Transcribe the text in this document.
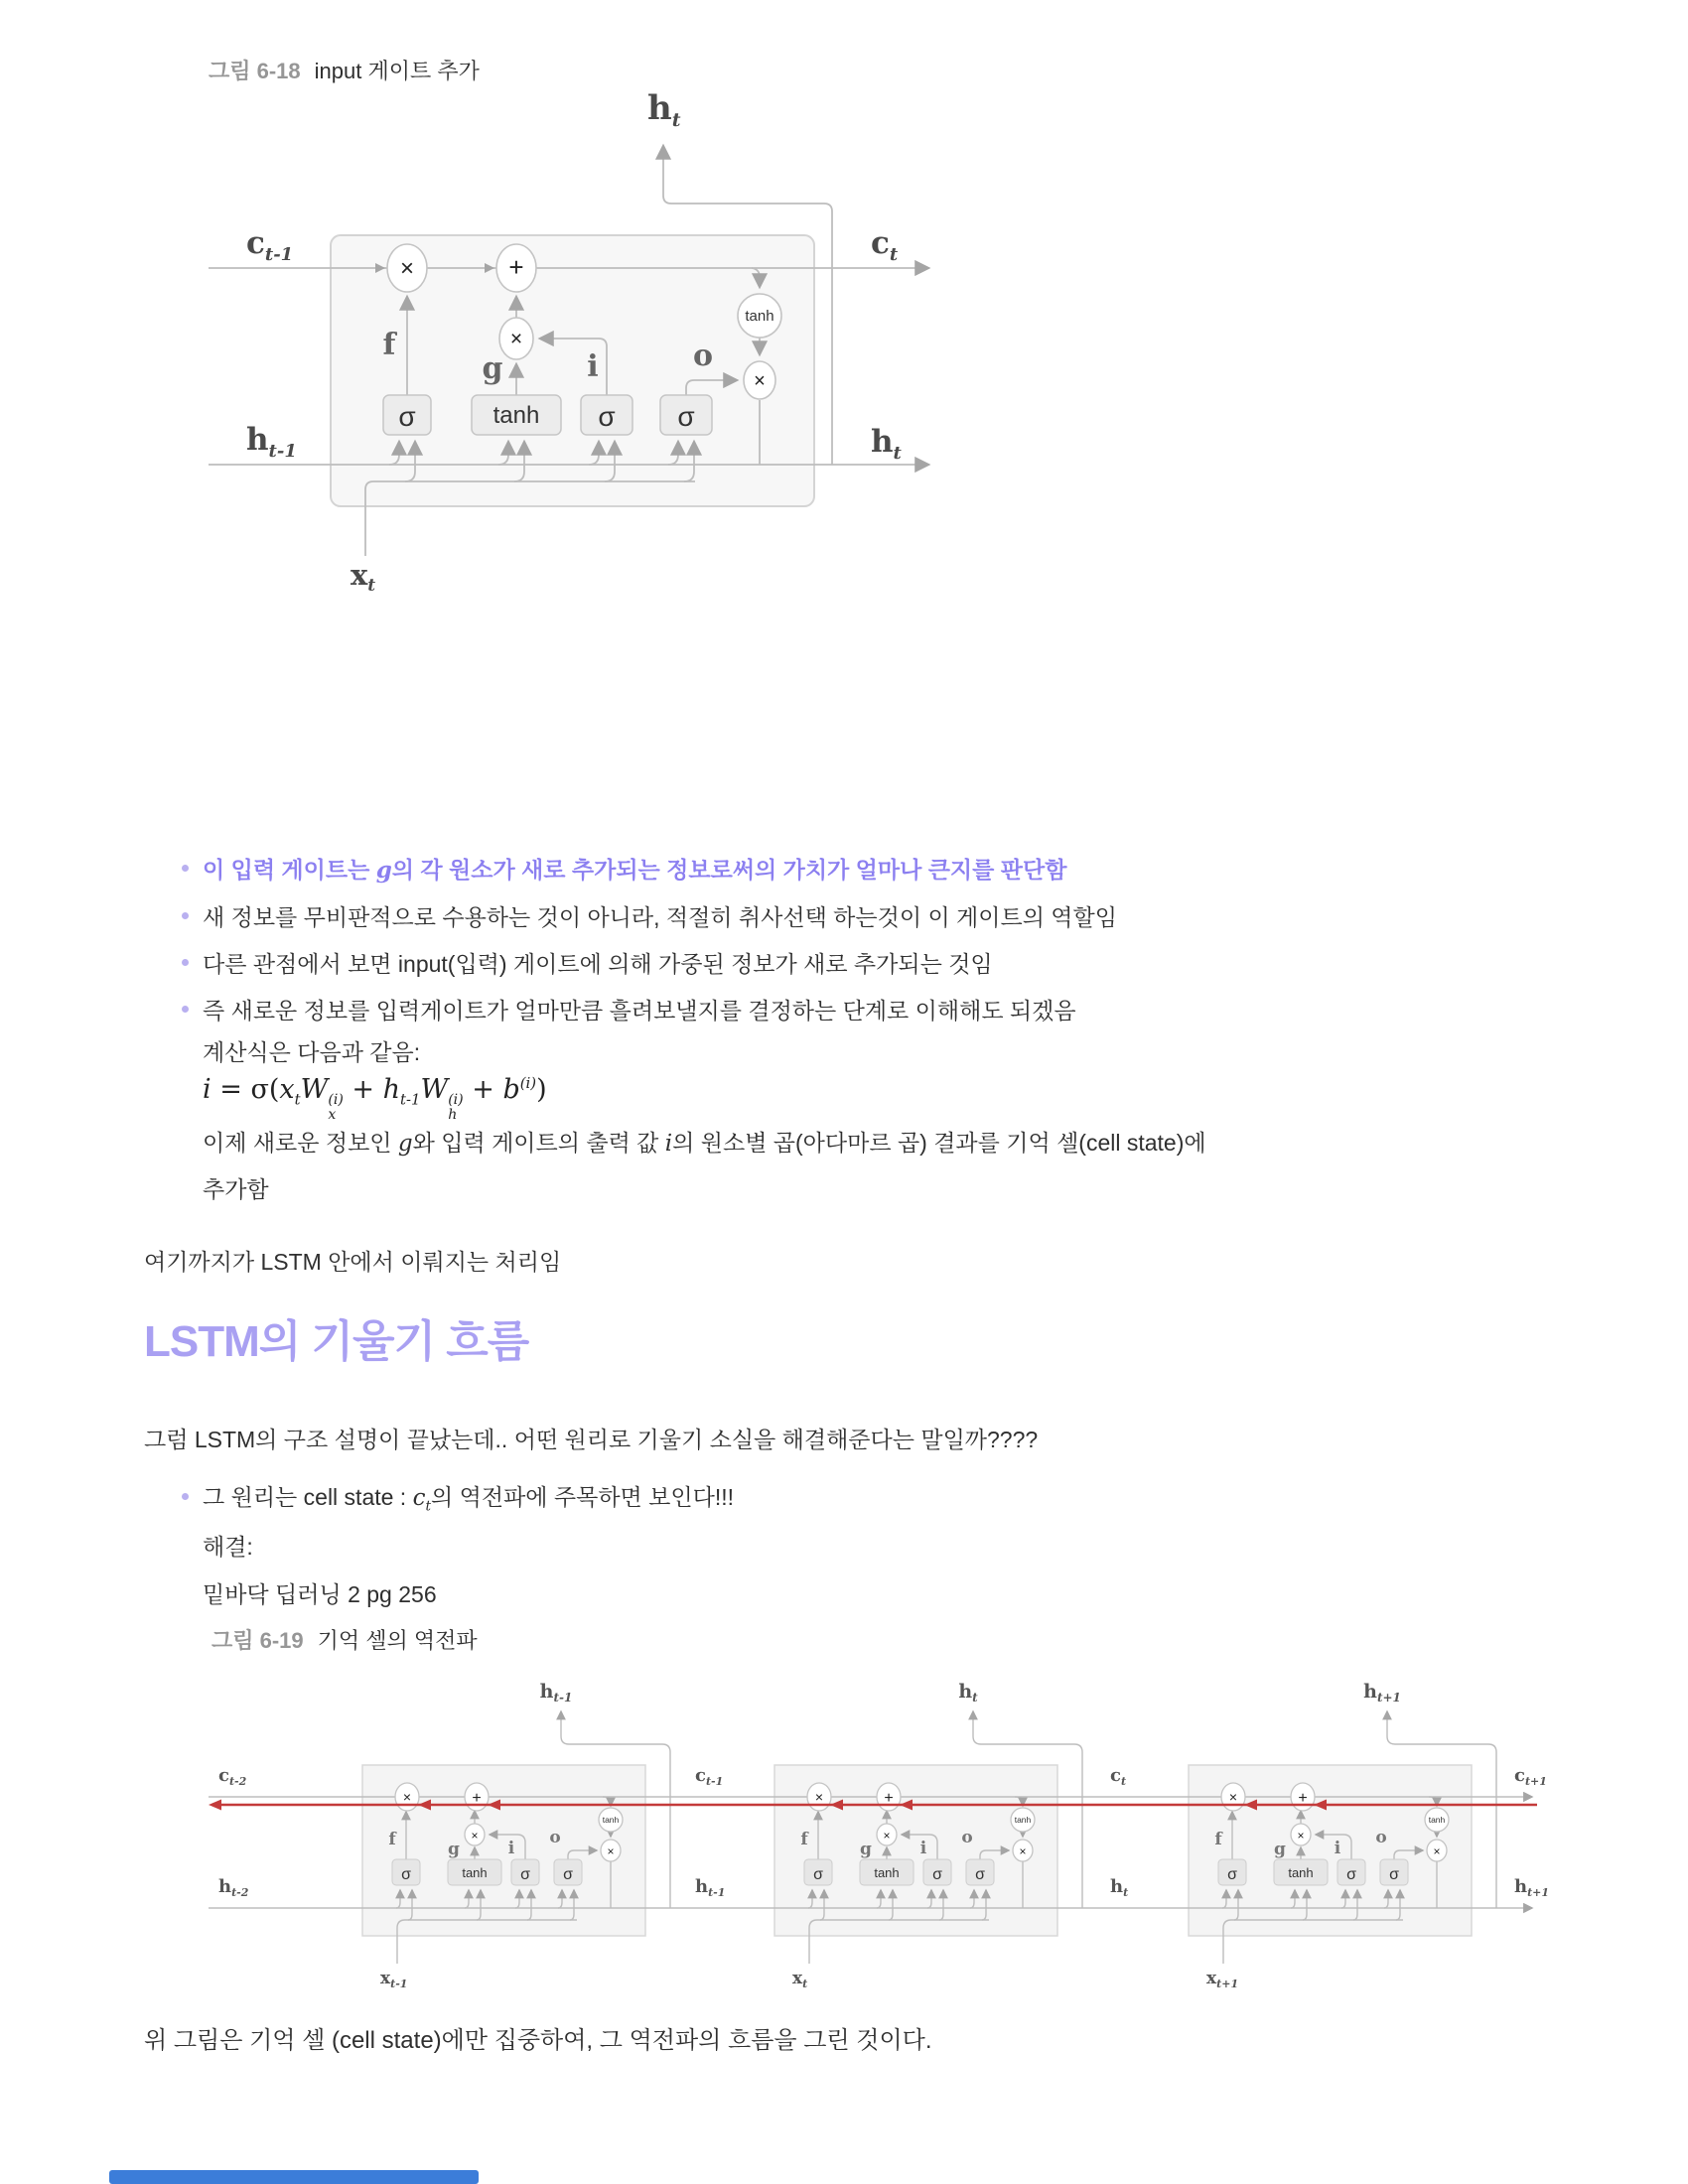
그림 6-18 input 게이트 추가
σ	tanh σ σ
×	+
×
tanh
×
f
g	i	o
$h_t$
$c_{t-1}$	$c_t$
$h_{t-1}$	$h_t$
$x_t$
이 입력 게이트는 g의 각 원소가 새로 추가되는 정보로써의 가치가 얼마나 큰지를 판단함
새 정보를 무비판적으로 수용하는 것이 아니라, 적절히 취사선택 하는것이 이 게이트의 역할임
다른 관점에서 보면 input(입력) 게이트에 의해 가중된 정보가 새로 추가되는 것임
즉 새로운 정보를 입력게이트가 얼마만큼 흘려보낼지를 결정하는 단계로 이해해도 되겠음
계산식은 다음과 같음:
$i = \sigma(x_tW$ (i)
x
+ $h_{t-1}W$ (i)
h
+ $b^{(i)}$)
이제 새로운 정보인 g와 입력 게이트의 출력 값 i의 원소별 곱(아다마르 곱) 결과를 기억 셀(cell state)에
추가함
여기까지가 LSTM 안에서 이뤄지는 처리임
LSTM의 기울기 흐름
그럼 LSTM의 구조 설명이 끝났는데.. 어떤 원리로 기울기 소실을 해결해준다는 말일까????
그 원리는 cell state : $c_t$의 역전파에 주목하면 보인다!!!
해결:
밑바닥 딥러닝 2 pg 256
그림 6-19 기억 셀의 역전파
σ	tanh σ σ
×	+
×
tanh
×
f	g	i
o
σ	tanh σ σ
×	+
×
tanh
×
f	g	i
o
σ	tanh σ σ
×	+
×
tanh
×
f	g	i
o
$h_{t-1}$	$h_t$	$h_{t+1}$
$c_{t-2}$	$c_{t-1}$	$c_t$	$c_{t+1}$
$h_{t-2}$	$h_{t-1}$	$h_t$	$h_{t+1}$
$x_{t-1}$	$x_t$	$x_{t+1}$
위 그림은 기억 셀 (cell state)에만 집중하여, 그 역전파의 흐름을 그린 것이다.
